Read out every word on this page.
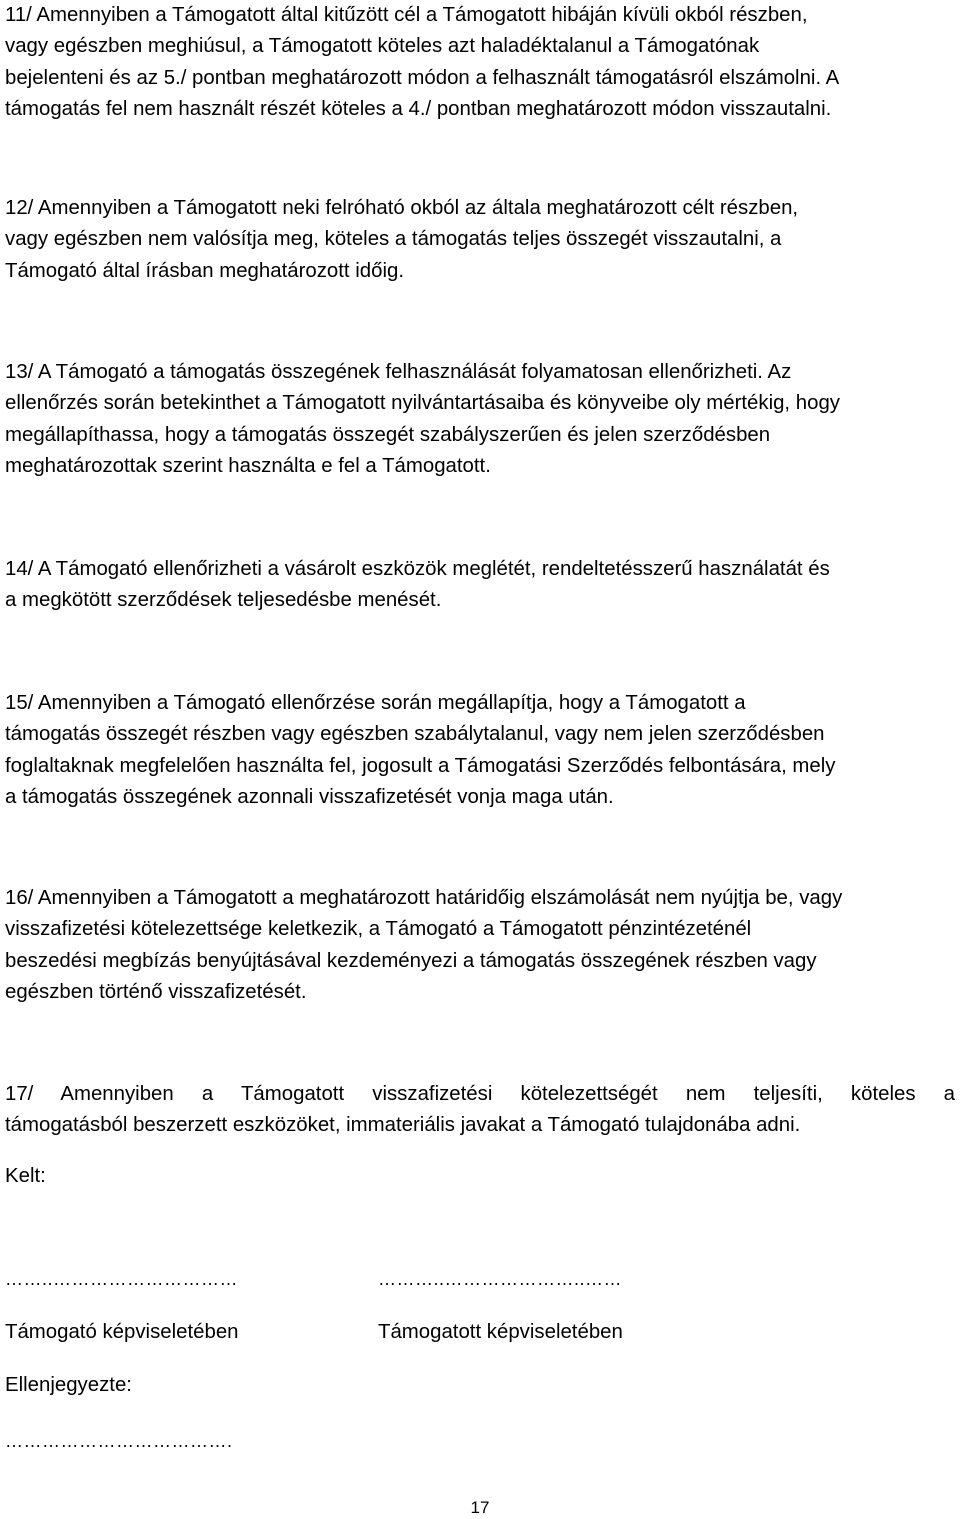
11/ Amennyiben a Támogatott által kitűzött cél a Támogatott hibáján kívüli okból részben,
vagy egészben meghiúsul, a Támogatott köteles azt haladéktalanul a Támogatónak
bejelenteni és az 5./ pontban meghatározott módon a felhasznált támogatásról elszámolni. A
támogatás fel nem használt részét köteles a 4./ pontban meghatározott módon visszautalni.
12/ Amennyiben a Támogatott neki felróható okból az általa meghatározott célt részben,
vagy egészben nem valósítja meg, köteles a támogatás teljes összegét visszautalni, a
Támogató által írásban meghatározott időig.
13/ A Támogató a támogatás összegének felhasználását folyamatosan ellenőrizheti. Az
ellenőrzés során betekinthet a Támogatott nyilvántartásaiba és könyveibe oly mértékig, hogy
megállapíthassa, hogy a támogatás összegét szabályszerűen és jelen szerződésben
meghatározottak szerint használta e fel a Támogatott.
14/ A Támogató ellenőrizheti a vásárolt eszközök meglétét, rendeltetésszerű használatát és
a megkötött szerződések teljesedésbe menését.
15/ Amennyiben a Támogató ellenőrzése során megállapítja, hogy a Támogatott a
támogatás összegét részben vagy egészben szabálytalanul, vagy nem jelen szerződésben
foglaltaknak megfelelően használta fel, jogosult a Támogatási Szerződés felbontására, mely
a támogatás összegének azonnali visszafizetését vonja maga után.
16/ Amennyiben a Támogatott a meghatározott határidőig elszámolását nem nyújtja be, vagy
visszafizetési kötelezettsége keletkezik, a Támogató a Támogatott pénzintézeténél
beszedési megbízás benyújtásával kezdeményezi a támogatás összegének részben vagy
egészben történő visszafizetését.
17/ Amennyiben a Támogatott visszafizetési kötelezettségét nem teljesíti, köteles a
támogatásból beszerzett eszközöket, immateriális javakat a Támogató tulajdonába adni.

Kelt:

……..…………………………	………..…………………..……

Támogató képviseletében	Támogatott képviseletében

Ellenjegyezte:

……………………………….

17
